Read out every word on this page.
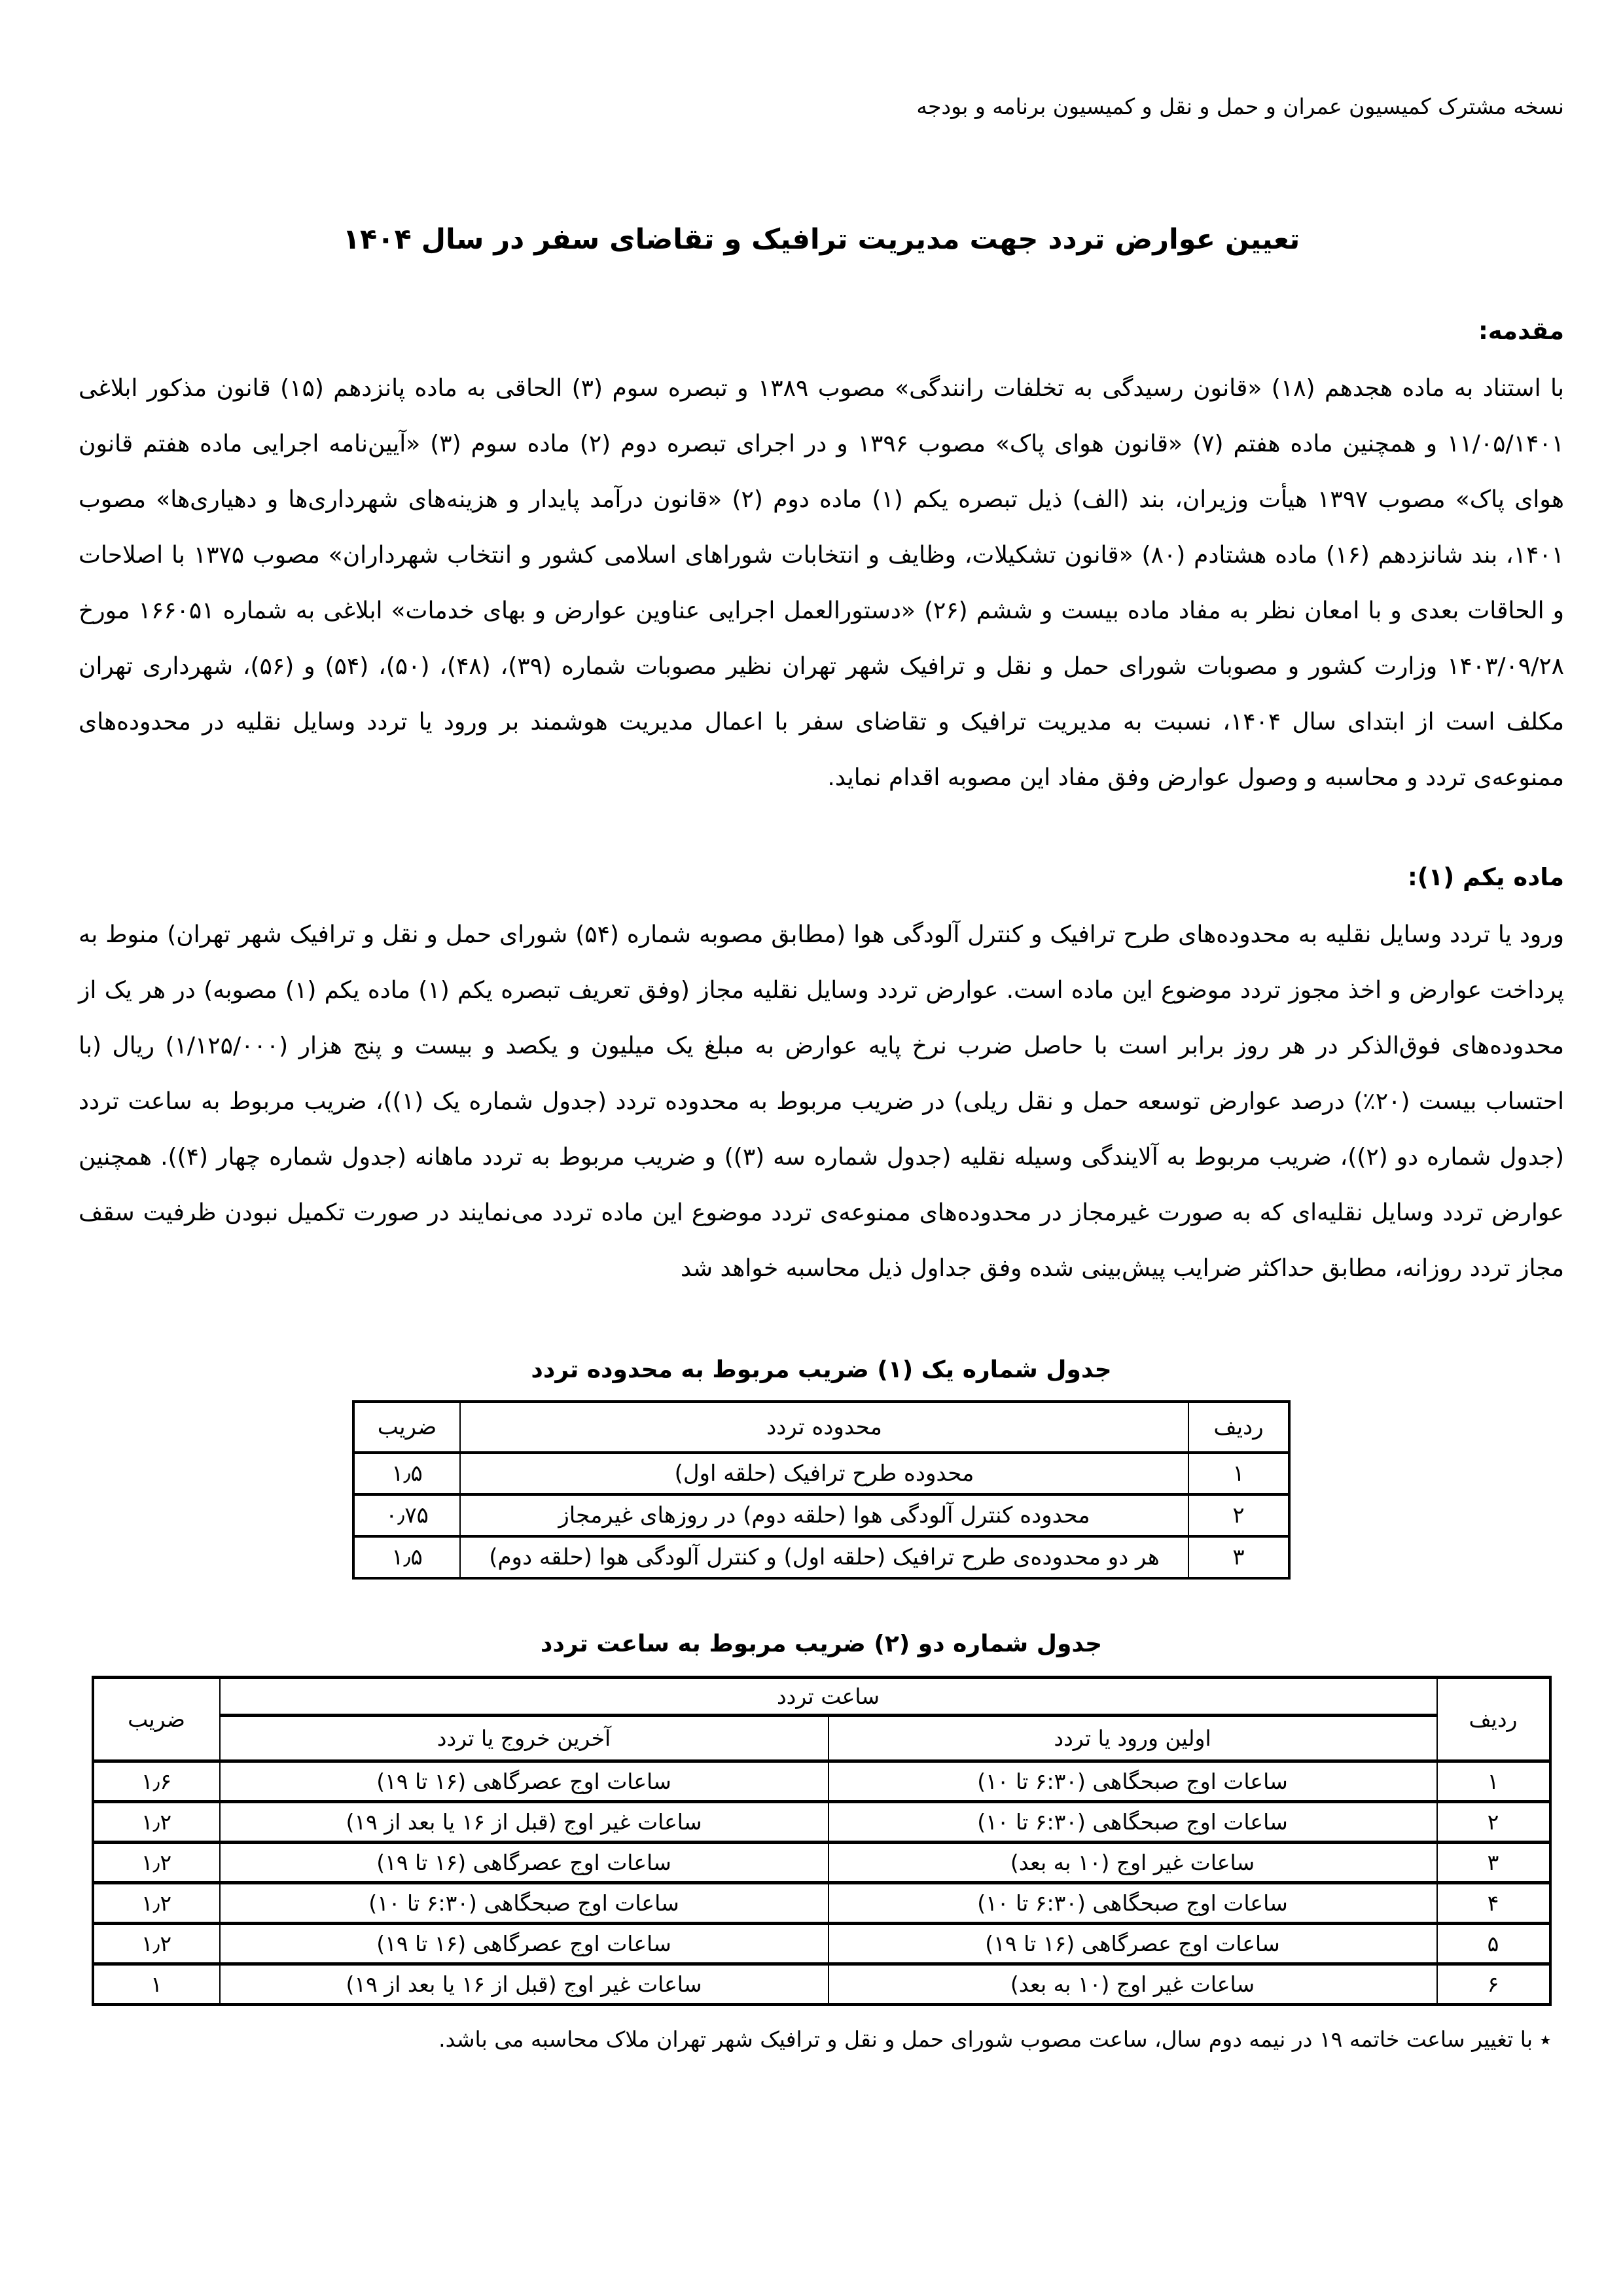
نسخه مشترک کمیسیون عمران و حمل و نقل و کمیسیون برنامه و بودجه
تعیین عوارض تردد جهت مدیریت ترافیک و تقاضای سفر در سال ۱۴۰۴
مقدمه:

با استناد به ماده هجدهم (۱۸) «قانون رسیدگی به تخلفات رانندگی» مصوب ۱۳۸۹ و تبصره سوم (۳) الحاقی به ماده پانزدهم (۱۵) قانون مذکور ابلاغی ۱۱/۰۵/۱۴۰۱ و همچنین ماده هفتم (۷) «قانون هوای پاک» مصوب ۱۳۹۶ و در اجرای تبصره دوم (۲) ماده سوم (۳) «آیین‌نامه اجرایی ماده هفتم قانون هوای پاک» مصوب ۱۳۹۷ هیأت وزیران، بند (الف) ذیل تبصره یکم (۱) ماده دوم (۲) «قانون درآمد پایدار و هزینه‌های شهرداری‌ها و دهیاری‌ها» مصوب ۱۴۰۱، بند شانزدهم (۱۶) ماده هشتادم (۸۰) «قانون تشکیلات، وظایف و انتخابات شوراهای اسلامی کشور و انتخاب شهرداران» مصوب ۱۳۷۵ با اصلاحات و الحاقات بعدی و با امعان نظر به مفاد ماده بیست و ششم (۲۶) «دستورالعمل اجرایی عناوین عوارض و بهای خدمات» ابلاغی به شماره ۱۶۶۰۵۱ مورخ ۱۴۰۳/۰۹/۲۸ وزارت کشور و مصوبات شورای حمل و نقل و ترافیک شهر تهران نظیر مصوبات شماره (۳۹)، (۴۸)، (۵۰)، (۵۴) و (۵۶)، شهرداری تهران مکلف است از ابتدای سال ۱۴۰۴، نسبت به مدیریت ترافیک و تقاضای سفر با اعمال مدیریت هوشمند بر ورود یا تردد وسایل نقلیه در محدوده‌های ممنوعه‌ی تردد و محاسبه و وصول عوارض وفق مفاد این مصوبه اقدام نماید.

ماده یکم (۱):

ورود یا تردد وسایل نقلیه به محدوده‌های طرح ترافیک و کنترل آلودگی هوا (مطابق مصوبه شماره (۵۴) شورای حمل و نقل و ترافیک شهر تهران) منوط به پرداخت عوارض و اخذ مجوز تردد موضوع این ماده است. عوارض تردد وسایل نقلیه مجاز (وفق تعریف تبصره یکم (۱) ماده یکم (۱) مصوبه) در هر یک از محدوده‌های فوق‌الذکر در هر روز برابر است با حاصل ضرب نرخ پایه عوارض به مبلغ یک میلیون و یکصد و بیست و پنج هزار (۱/۱۲۵/۰۰۰) ریال (با احتساب بیست (۲۰٪) درصد عوارض توسعه حمل و نقل ریلی) در ضریب مربوط به محدوده تردد (جدول شماره یک (۱))، ضریب مربوط به ساعت تردد (جدول شماره دو (۲))، ضریب مربوط به آلایندگی وسیله نقلیه (جدول شماره سه (۳)) و ضریب مربوط به تردد ماهانه (جدول شماره چهار (۴)). همچنین عوارض تردد وسایل نقلیه‌ای که به صورت غیرمجاز در محدوده‌های ممنوعه‌ی تردد موضوع این ماده تردد می‌نمایند در صورت تکمیل نبودن ظرفیت سقف مجاز تردد روزانه، مطابق حداکثر ضرایب پیش‌بینی شده وفق جداول ذیل محاسبه خواهد شد

جدول شماره یک (۱) ضریب مربوط به محدوده تردد
ردیف	محدوده تردد	ضریب
۱	محدوده طرح ترافیک (حلقه اول)	۱٫۵
۲	محدوده کنترل آلودگی هوا (حلقه دوم) در روزهای غیرمجاز	۰٫۷۵
۳	هر دو محدوده‌ی طرح ترافیک (حلقه اول) و کنترل آلودگی هوا (حلقه دوم)	۱٫۵
جدول شماره دو (۲) ضریب مربوط به ساعت تردد
ردیف	ساعت تردد		ضریب
	اولین ورود یا تردد	آخرین خروج یا تردد	
۱	ساعات اوج صبحگاهی (۶:۳۰ تا ۱۰)	ساعات اوج عصرگاهی (۱۶ تا ۱۹)	۱٫۶
۲	ساعات اوج صبحگاهی (۶:۳۰ تا ۱۰)	ساعات غیر اوج (قبل از ۱۶ یا بعد از ۱۹)	۱٫۲
۳	ساعات غیر اوج (۱۰ به بعد)	ساعات اوج عصرگاهی (۱۶ تا ۱۹)	۱٫۲
۴	ساعات اوج صبحگاهی (۶:۳۰ تا ۱۰)	ساعات اوج صبحگاهی (۶:۳۰ تا ۱۰)	۱٫۲
۵	ساعات اوج عصرگاهی (۱۶ تا ۱۹)	ساعات اوج عصرگاهی (۱۶ تا ۱۹)	۱٫۲
۶	ساعات غیر اوج (۱۰ به بعد)	ساعات غیر اوج (قبل از ۱۶ یا بعد از ۱۹)	۱
٭ با تغییر ساعت خاتمه ۱۹ در نیمه دوم سال، ساعت مصوب شورای حمل و نقل و ترافیک شهر تهران ملاک محاسبه می باشد.
